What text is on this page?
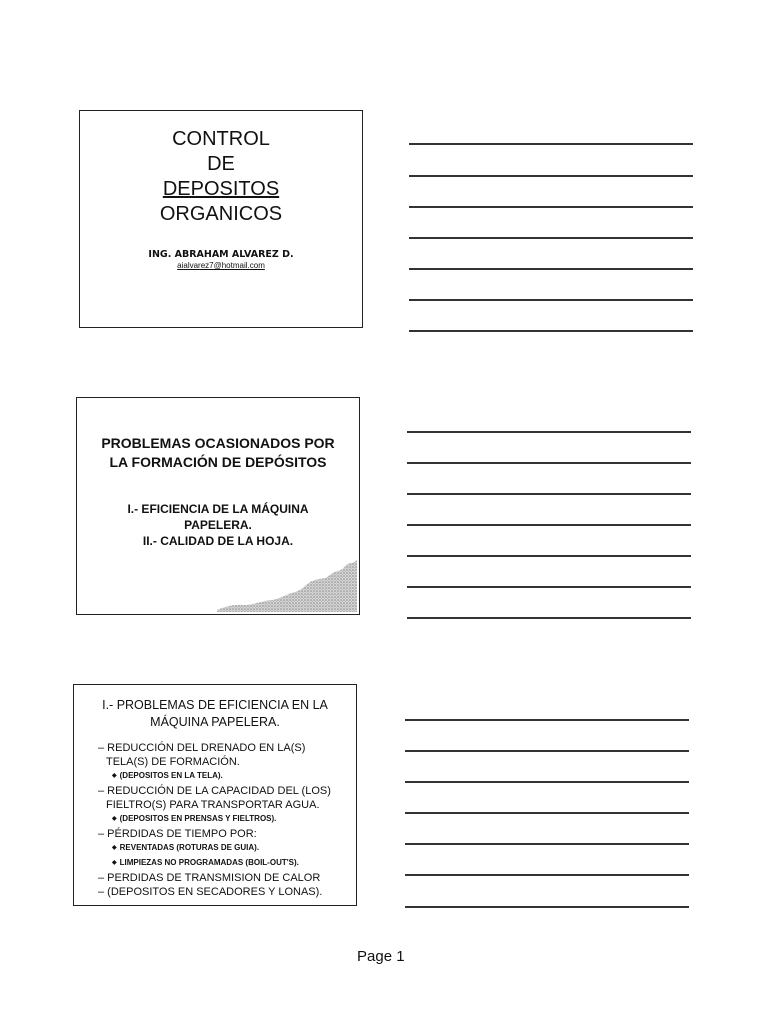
CONTROL
DE
DEPOSITOS
ORGANICOS
ING. ABRAHAM ALVAREZ D.
aialvarez7@hotmail.com
PROBLEMAS OCASIONADOS POR
LA FORMACIÓN DE DEPÓSITOS
I.- EFICIENCIA DE LA MÁQUINA
PAPELERA.
II.- CALIDAD DE LA HOJA.
I.- PROBLEMAS DE EFICIENCIA EN LA
MÁQUINA PAPELERA.
– REDUCCIÓN DEL DRENADO EN LA(S)
TELA(S) DE FORMACIÓN.
◆ (DEPOSITOS EN LA TELA).
– REDUCCIÓN DE LA CAPACIDAD DEL (LOS)
FIELTRO(S) PARA TRANSPORTAR AGUA.
◆ (DEPOSITOS EN PRENSAS Y FIELTROS).
– PÉRDIDAS DE TIEMPO POR:
◆ REVENTADAS (ROTURAS DE GUIA).
◆ LIMPIEZAS NO PROGRAMADAS (BOIL-OUT'S).
– PERDIDAS DE TRANSMISION DE CALOR
– (DEPOSITOS EN SECADORES Y LONAS).
Page 1
